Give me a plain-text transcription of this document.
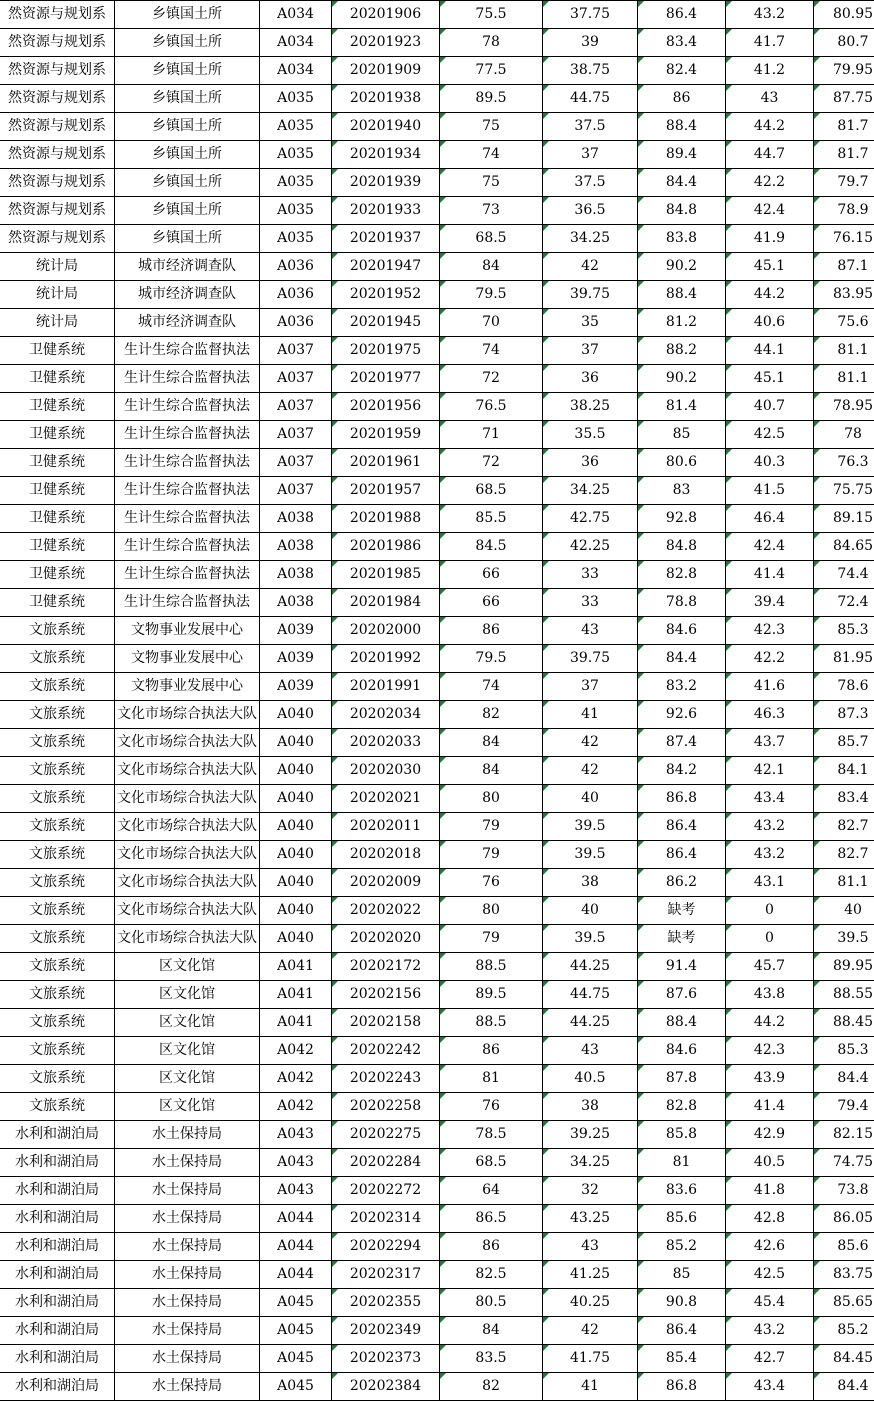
然资源与规划系	乡镇国土所	A034	20201906	75.5	37.75	86.4	43.2	80.95
然资源与规划系	乡镇国土所	A034	20201923	78	39	83.4	41.7	80.7
然资源与规划系	乡镇国土所	A034	20201909	77.5	38.75	82.4	41.2	79.95
然资源与规划系	乡镇国土所	A035	20201938	89.5	44.75	86	43	87.75
然资源与规划系	乡镇国土所	A035	20201940	75	37.5	88.4	44.2	81.7
然资源与规划系	乡镇国土所	A035	20201934	74	37	89.4	44.7	81.7
然资源与规划系	乡镇国土所	A035	20201939	75	37.5	84.4	42.2	79.7
然资源与规划系	乡镇国土所	A035	20201933	73	36.5	84.8	42.4	78.9
然资源与规划系	乡镇国土所	A035	20201937	68.5	34.25	83.8	41.9	76.15
统计局	城市经济调查队	A036	20201947	84	42	90.2	45.1	87.1
统计局	城市经济调查队	A036	20201952	79.5	39.75	88.4	44.2	83.95
统计局	城市经济调查队	A036	20201945	70	35	81.2	40.6	75.6
卫健系统	生计生综合监督执法	A037	20201975	74	37	88.2	44.1	81.1
卫健系统	生计生综合监督执法	A037	20201977	72	36	90.2	45.1	81.1
卫健系统	生计生综合监督执法	A037	20201956	76.5	38.25	81.4	40.7	78.95
卫健系统	生计生综合监督执法	A037	20201959	71	35.5	85	42.5	78
卫健系统	生计生综合监督执法	A037	20201961	72	36	80.6	40.3	76.3
卫健系统	生计生综合监督执法	A037	20201957	68.5	34.25	83	41.5	75.75
卫健系统	生计生综合监督执法	A038	20201988	85.5	42.75	92.8	46.4	89.15
卫健系统	生计生综合监督执法	A038	20201986	84.5	42.25	84.8	42.4	84.65
卫健系统	生计生综合监督执法	A038	20201985	66	33	82.8	41.4	74.4
卫健系统	生计生综合监督执法	A038	20201984	66	33	78.8	39.4	72.4
文旅系统	文物事业发展中心	A039	20202000	86	43	84.6	42.3	85.3
文旅系统	文物事业发展中心	A039	20201992	79.5	39.75	84.4	42.2	81.95
文旅系统	文物事业发展中心	A039	20201991	74	37	83.2	41.6	78.6
文旅系统	文化市场综合执法大队	A040	20202034	82	41	92.6	46.3	87.3
文旅系统	文化市场综合执法大队	A040	20202033	84	42	87.4	43.7	85.7
文旅系统	文化市场综合执法大队	A040	20202030	84	42	84.2	42.1	84.1
文旅系统	文化市场综合执法大队	A040	20202021	80	40	86.8	43.4	83.4
文旅系统	文化市场综合执法大队	A040	20202011	79	39.5	86.4	43.2	82.7
文旅系统	文化市场综合执法大队	A040	20202018	79	39.5	86.4	43.2	82.7
文旅系统	文化市场综合执法大队	A040	20202009	76	38	86.2	43.1	81.1
文旅系统	文化市场综合执法大队	A040	20202022	80	40	缺考	0	40
文旅系统	文化市场综合执法大队	A040	20202020	79	39.5	缺考	0	39.5
文旅系统	区文化馆	A041	20202172	88.5	44.25	91.4	45.7	89.95
文旅系统	区文化馆	A041	20202156	89.5	44.75	87.6	43.8	88.55
文旅系统	区文化馆	A041	20202158	88.5	44.25	88.4	44.2	88.45
文旅系统	区文化馆	A042	20202242	86	43	84.6	42.3	85.3
文旅系统	区文化馆	A042	20202243	81	40.5	87.8	43.9	84.4
文旅系统	区文化馆	A042	20202258	76	38	82.8	41.4	79.4
水利和湖泊局	水土保持局	A043	20202275	78.5	39.25	85.8	42.9	82.15
水利和湖泊局	水土保持局	A043	20202284	68.5	34.25	81	40.5	74.75
水利和湖泊局	水土保持局	A043	20202272	64	32	83.6	41.8	73.8
水利和湖泊局	水土保持局	A044	20202314	86.5	43.25	85.6	42.8	86.05
水利和湖泊局	水土保持局	A044	20202294	86	43	85.2	42.6	85.6
水利和湖泊局	水土保持局	A044	20202317	82.5	41.25	85	42.5	83.75
水利和湖泊局	水土保持局	A045	20202355	80.5	40.25	90.8	45.4	85.65
水利和湖泊局	水土保持局	A045	20202349	84	42	86.4	43.2	85.2
水利和湖泊局	水土保持局	A045	20202373	83.5	41.75	85.4	42.7	84.45
水利和湖泊局	水土保持局	A045	20202384	82	41	86.8	43.4	84.4
